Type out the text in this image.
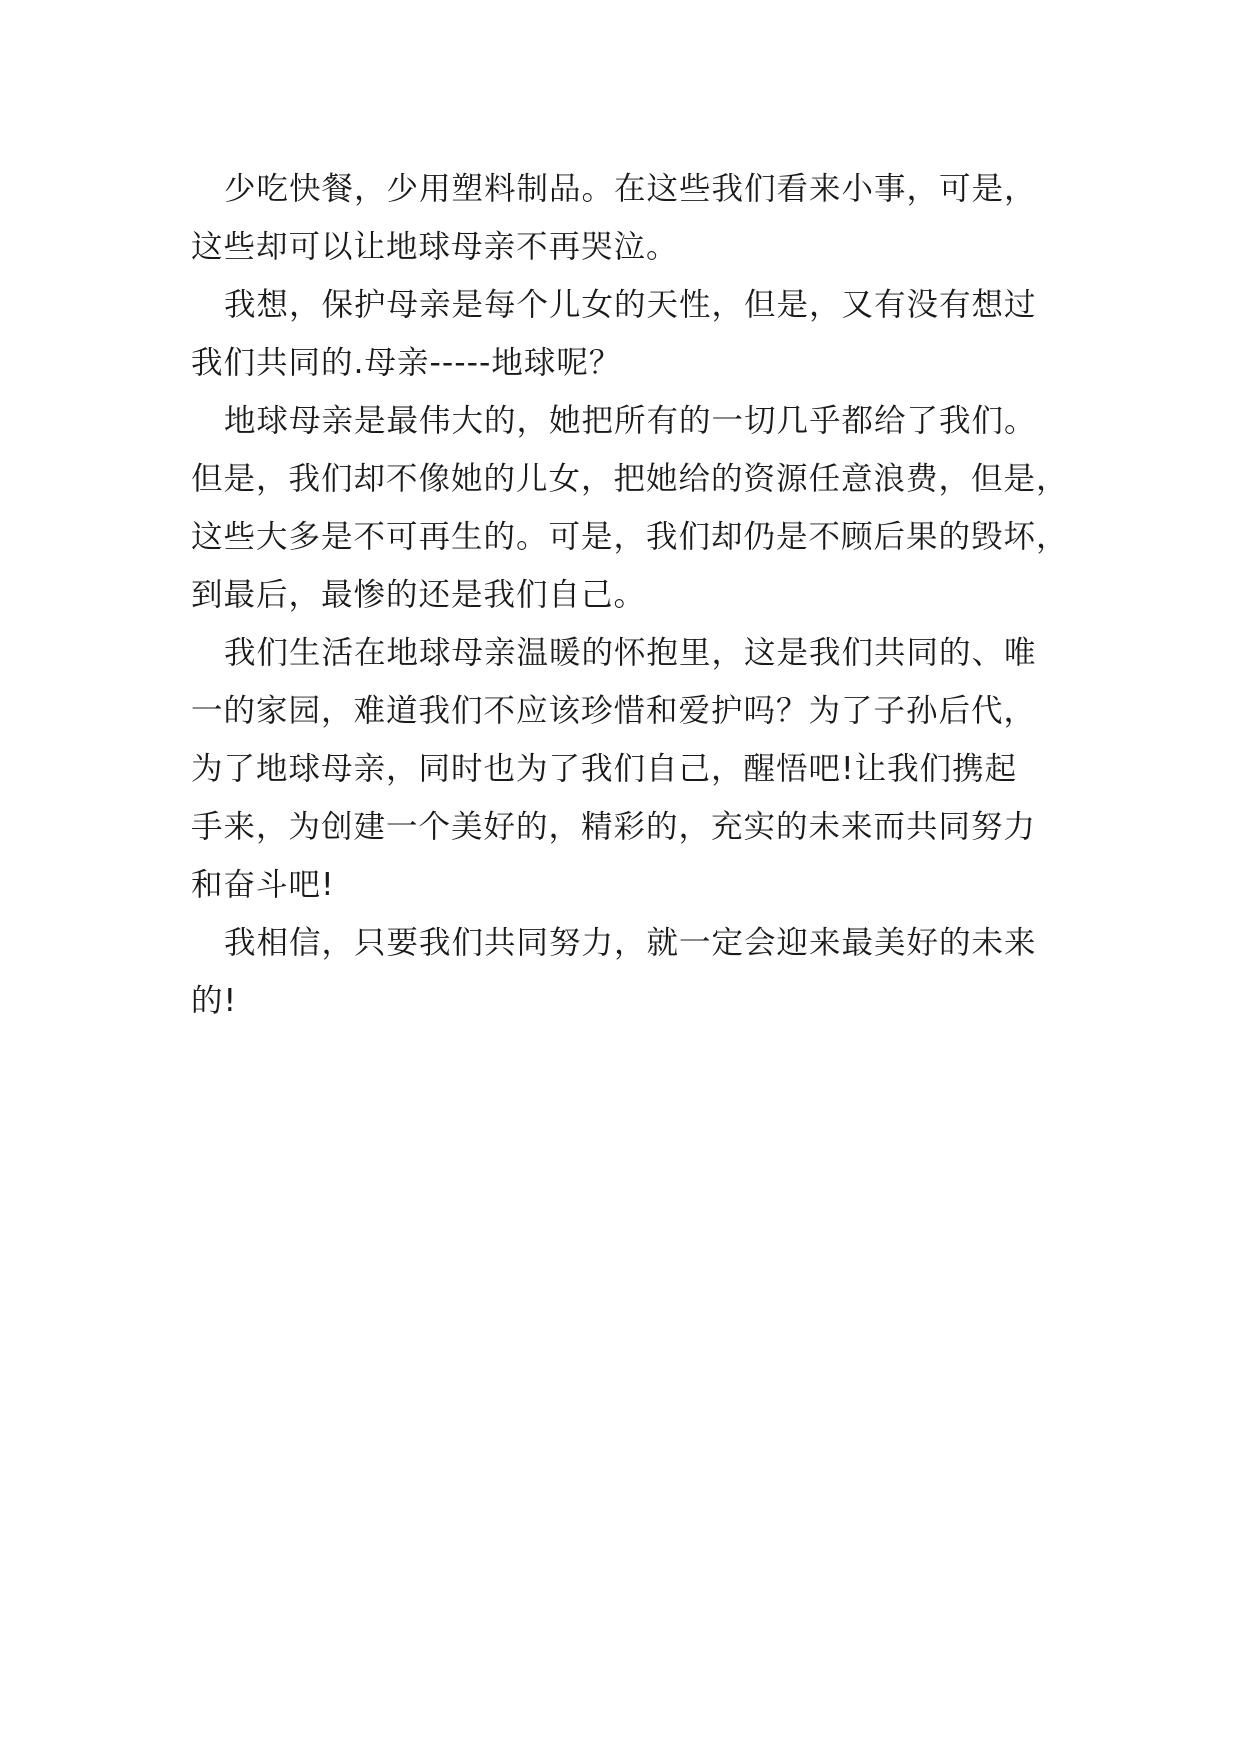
少吃快餐，少用塑料制品。在这些我们看来小事，可是，
这些却可以让地球母亲不再哭泣。
我想，保护母亲是每个儿女的天性，但是，又有没有想过
我们共同的.母亲-----地球呢？
地球母亲是最伟大的，她把所有的一切几乎都给了我们。
但是，我们却不像她的儿女，把她给的资源任意浪费，但是，
这些大多是不可再生的。可是，我们却仍是不顾后果的毁坏，
到最后，最惨的还是我们自己。
我们生活在地球母亲温暖的怀抱里，这是我们共同的、唯
一的家园，难道我们不应该珍惜和爱护吗？为了子孙后代，
为了地球母亲，同时也为了我们自己，醒悟吧!让我们携起
手来，为创建一个美好的，精彩的，充实的未来而共同努力
和奋斗吧!
我相信，只要我们共同努力，就一定会迎来最美好的未来
的!
